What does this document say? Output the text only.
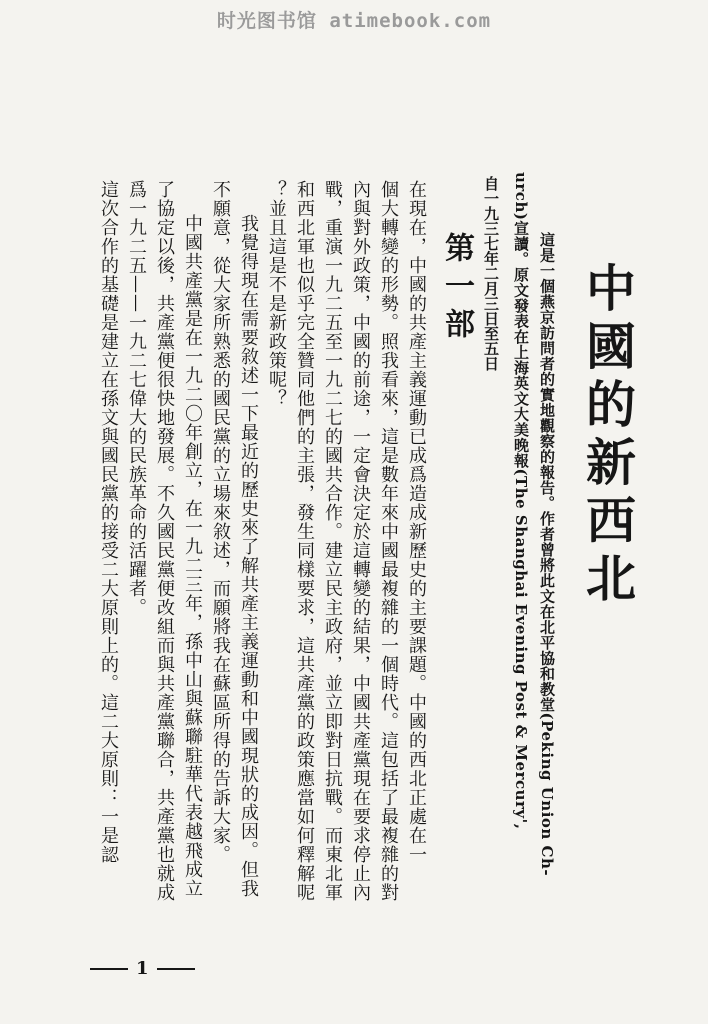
时光图书馆 atimebook.com
中國的新西北
這是一個燕京訪問者的實地觀察的報告。作者曾將此文在北平協和教堂(Peking Union Ch-
urch)宣讀。原文發表在上海英文大美晚報(The Shanghai Evening Post & Mercury',
自一九三七年二月三日至五日
第一部
在現在，中國的共產主義運動已成爲造成新歷史的主要課題。中國的西北正處在一
個大轉變的形勢。照我看來，這是數年來中國最複雜的一個時代。這包括了最複雜的對
內與對外政策，中國的前途，一定會決定於這轉變的結果，中國共產黨現在要求停止內
戰，重演一九二五至一九二七的國共合作。建立民主政府，並立即對日抗戰。而東北軍
和西北軍也似乎完全贊同他們的主張，發生同樣要求，這共產黨的政策應當如何釋解呢
？並且這是不是新政策呢？
我覺得現在需要敘述一下最近的歷史來了解共產主義運動和中國現狀的成因。但我
不願意，從大家所熟悉的國民黨的立場來敘述，而願將我在蘇區所得的告訴大家。
中國共產黨是在一九二〇年創立，在一九二三年，孫中山與蘇聯駐華代表越飛成立
了協定以後，共產黨便很快地發展。不久國民黨便改組而與共產黨聯合，共產黨也就成
爲一九二五——一九二七偉大的民族革命的活躍者。
這次合作的基礎是建立在孫文與國民黨的接受二大原則上的。這二大原則：一是認
1
